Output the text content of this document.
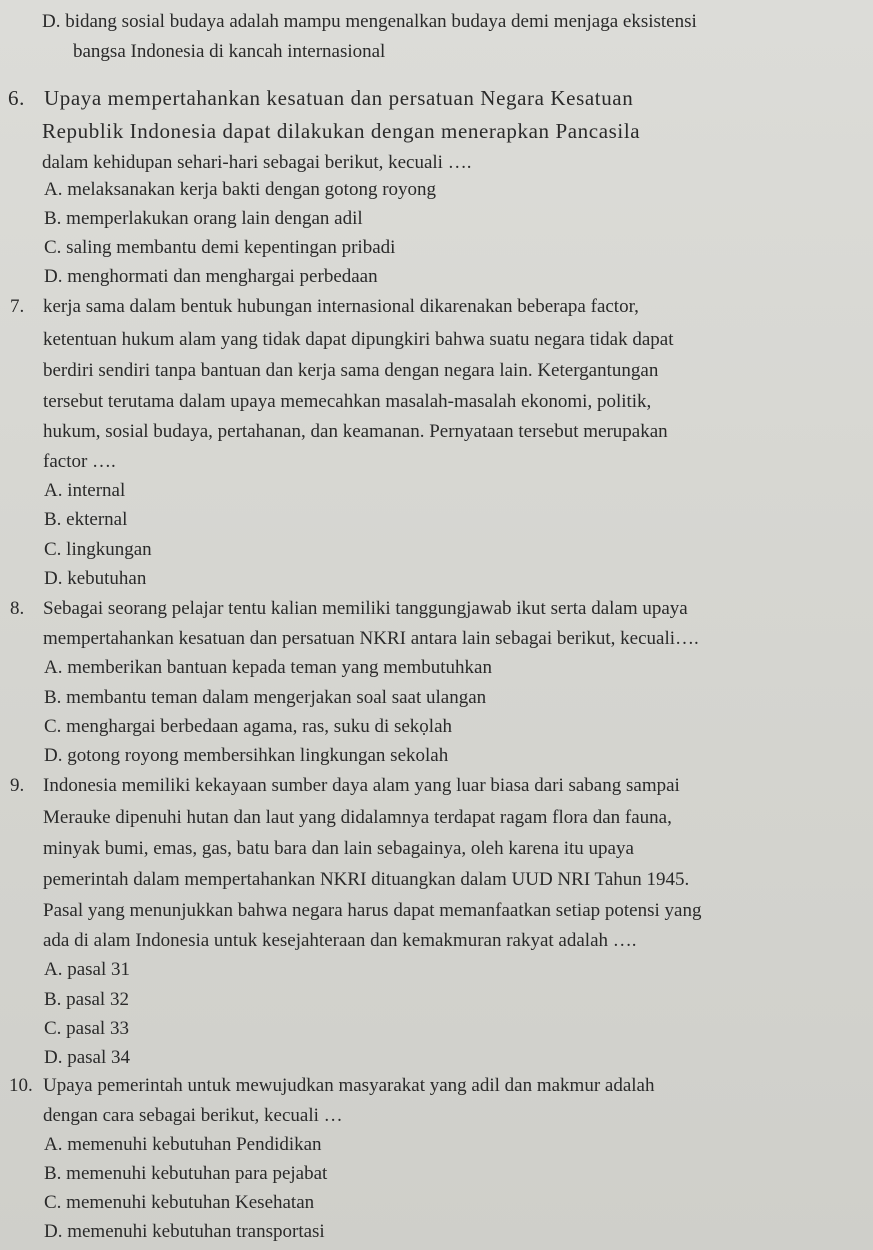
D. bidang sosial budaya adalah mampu mengenalkan budaya demi menjaga eksistensi
bangsa Indonesia di kancah internasional
6. Upaya mempertahankan kesatuan dan persatuan Negara Kesatuan
Republik Indonesia dapat dilakukan dengan menerapkan Pancasila
dalam kehidupan sehari-hari sebagai berikut, kecuali ….
A. melaksanakan kerja bakti dengan gotong royong
B. memperlakukan orang lain dengan adil
C. saling membantu demi kepentingan pribadi
D. menghormati dan menghargai perbedaan
7. kerja sama dalam bentuk hubungan internasional dikarenakan beberapa factor,
ketentuan hukum alam yang tidak dapat dipungkiri bahwa suatu negara tidak dapat
berdiri sendiri tanpa bantuan dan kerja sama dengan negara lain. Ketergantungan
tersebut terutama dalam upaya memecahkan masalah-masalah ekonomi, politik,
hukum, sosial budaya, pertahanan, dan keamanan. Pernyataan tersebut merupakan
factor ….
A. internal
B. ekternal
C. lingkungan
D. kebutuhan
8. Sebagai seorang pelajar tentu kalian memiliki tanggungjawab ikut serta dalam upaya
mempertahankan kesatuan dan persatuan NKRI antara lain sebagai berikut, kecuali….
A. memberikan bantuan kepada teman yang membutuhkan
B. membantu teman dalam mengerjakan soal saat ulangan
C. menghargai berbedaan agama, ras, suku di sekọlah
D. gotong royong membersihkan lingkungan sekolah
9. Indonesia memiliki kekayaan sumber daya alam yang luar biasa dari sabang sampai
Merauke dipenuhi hutan dan laut yang didalamnya terdapat ragam flora dan fauna,
minyak bumi, emas, gas, batu bara dan lain sebagainya, oleh karena itu upaya
pemerintah dalam mempertahankan NKRI dituangkan dalam UUD NRI Tahun 1945.
Pasal yang menunjukkan bahwa negara harus dapat memanfaatkan setiap potensi yang
ada di alam Indonesia untuk kesejahteraan dan kemakmuran rakyat adalah ….
A. pasal 31
B. pasal 32
C. pasal 33
D. pasal 34
10. Upaya pemerintah untuk mewujudkan masyarakat yang adil dan makmur adalah
dengan cara sebagai berikut, kecuali …
A. memenuhi kebutuhan Pendidikan
B. memenuhi kebutuhan para pejabat
C. memenuhi kebutuhan Kesehatan
D. memenuhi kebutuhan transportasi
